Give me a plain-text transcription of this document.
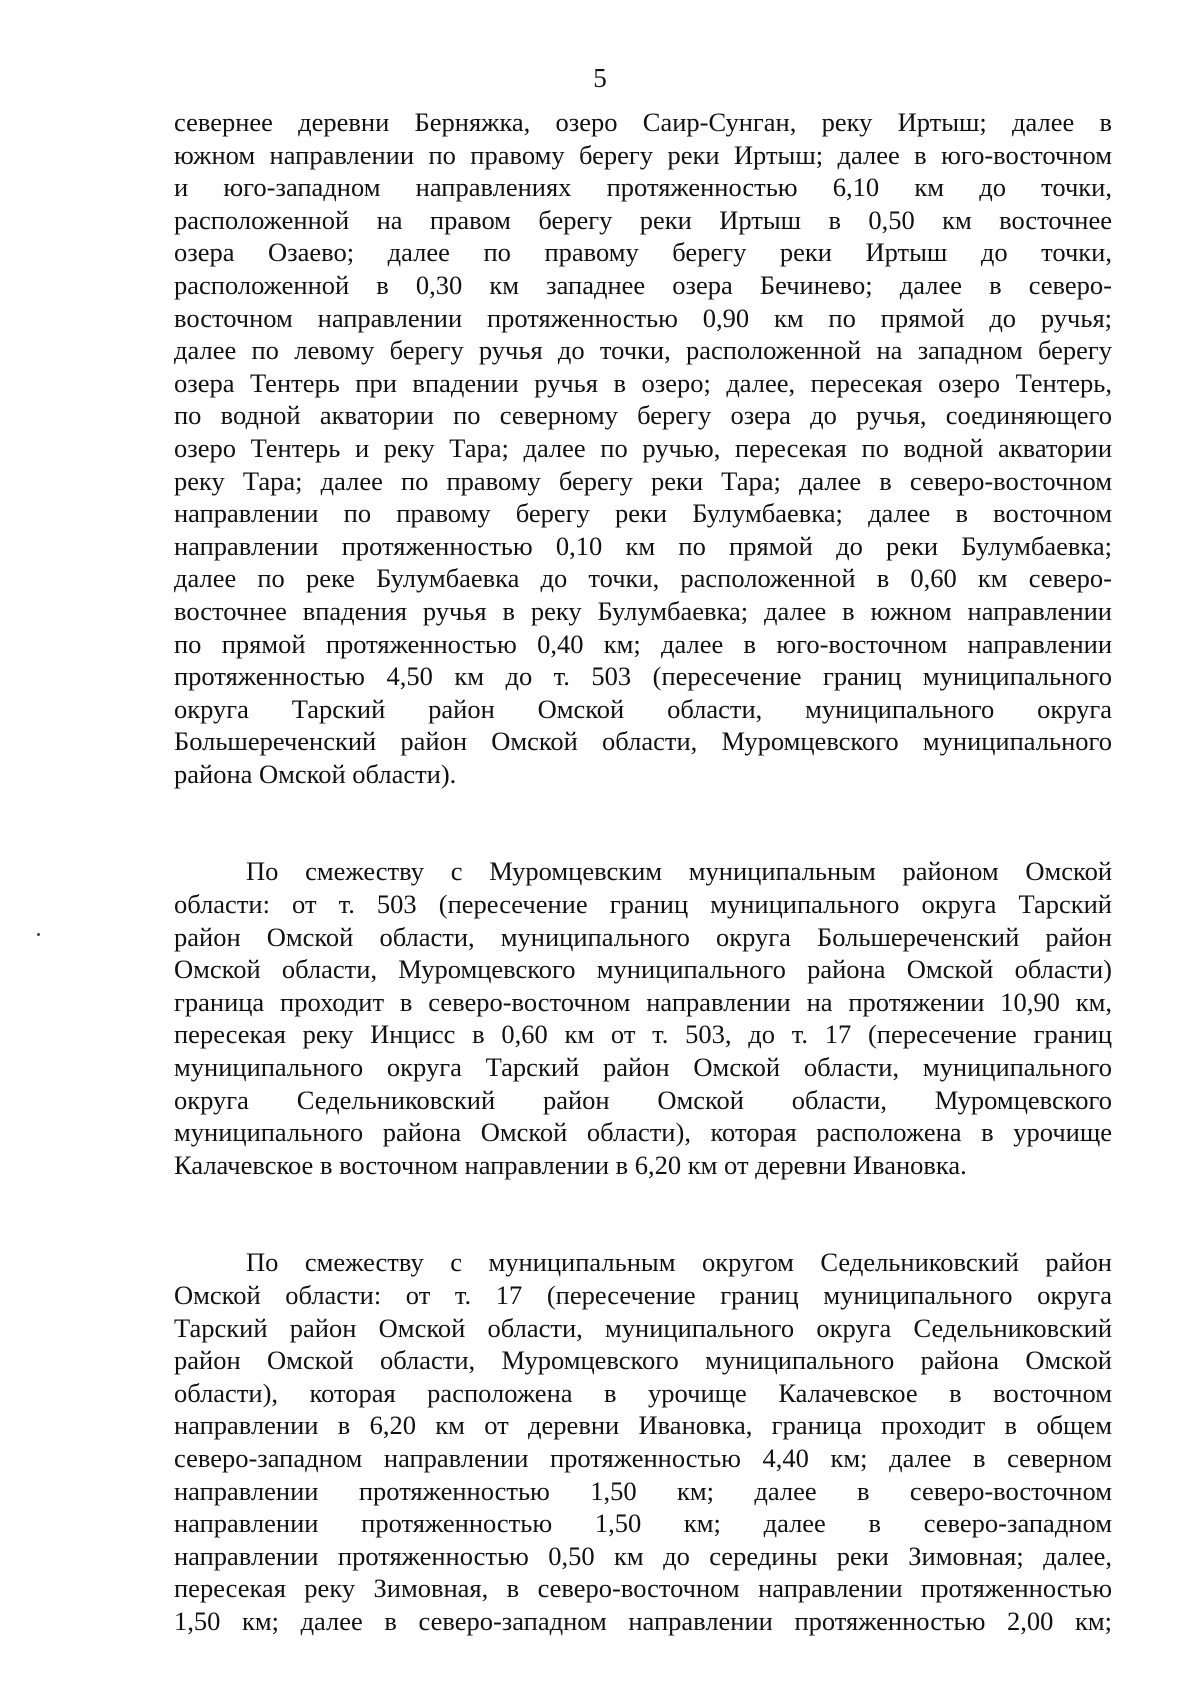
5
севернее деревни Берняжка, озеро Саир-Сунган, реку Иртыш; далее в
южном направлении по правому берегу реки Иртыш; далее в юго-восточном
и юго-западном направлениях протяженностью 6,10 км до точки,
расположенной на правом берегу реки Иртыш в 0,50 км восточнее
озера Озаево; далее по правому берегу реки Иртыш до точки,
расположенной в 0,30 км западнее озера Бечинево; далее в северо-
восточном направлении протяженностью 0,90 км по прямой до ручья;
далее по левому берегу ручья до точки, расположенной на западном берегу
озера Тентерь при впадении ручья в озеро; далее, пересекая озеро Тентерь,
по водной акватории по северному берегу озера до ручья, соединяющего
озеро Тентерь и реку Тара; далее по ручью, пересекая по водной акватории
реку Тара; далее по правому берегу реки Тара; далее в северо-восточном
направлении по правому берегу реки Булумбаевка; далее в восточном
направлении протяженностью 0,10 км по прямой до реки Булумбаевка;
далее по реке Булумбаевка до точки, расположенной в 0,60 км северо-
восточнее впадения ручья в реку Булумбаевка; далее в южном направлении
по прямой протяженностью 0,40 км; далее в юго-восточном направлении
протяженностью 4,50 км до т. 503 (пересечение границ муниципального
округа Тарский район Омской области, муниципального округа
Большереченский район Омской области, Муромцевского муниципального
района Омской области).
По смежеству с Муромцевским муниципальным районом Омской
области: от т. 503 (пересечение границ муниципального округа Тарский
район Омской области, муниципального округа Большереченский район
Омской области, Муромцевского муниципального района Омской области)
граница проходит в северо-восточном направлении на протяжении 10,90 км,
пересекая реку Инцисс в 0,60 км от т. 503, до т. 17 (пересечение границ
муниципального округа Тарский район Омской области, муниципального
округа Седельниковский район Омской области, Муромцевского
муниципального района Омской области), которая расположена в урочище
Калачевское в восточном направлении в 6,20 км от деревни Ивановка.
По смежеству с муниципальным округом Седельниковский район
Омской области: от т. 17 (пересечение границ муниципального округа
Тарский район Омской области, муниципального округа Седельниковский
район Омской области, Муромцевского муниципального района Омской
области), которая расположена в урочище Калачевское в восточном
направлении в 6,20 км от деревни Ивановка, граница проходит в общем
северо-западном направлении протяженностью 4,40 км; далее в северном
направлении протяженностью 1,50 км; далее в северо-восточном
направлении протяженностью 1,50 км; далее в северо-западном
направлении протяженностью 0,50 км до середины реки Зимовная; далее,
пересекая реку Зимовная, в северо-восточном направлении протяженностью
1,50 км; далее в северо-западном направлении протяженностью 2,00 км;
